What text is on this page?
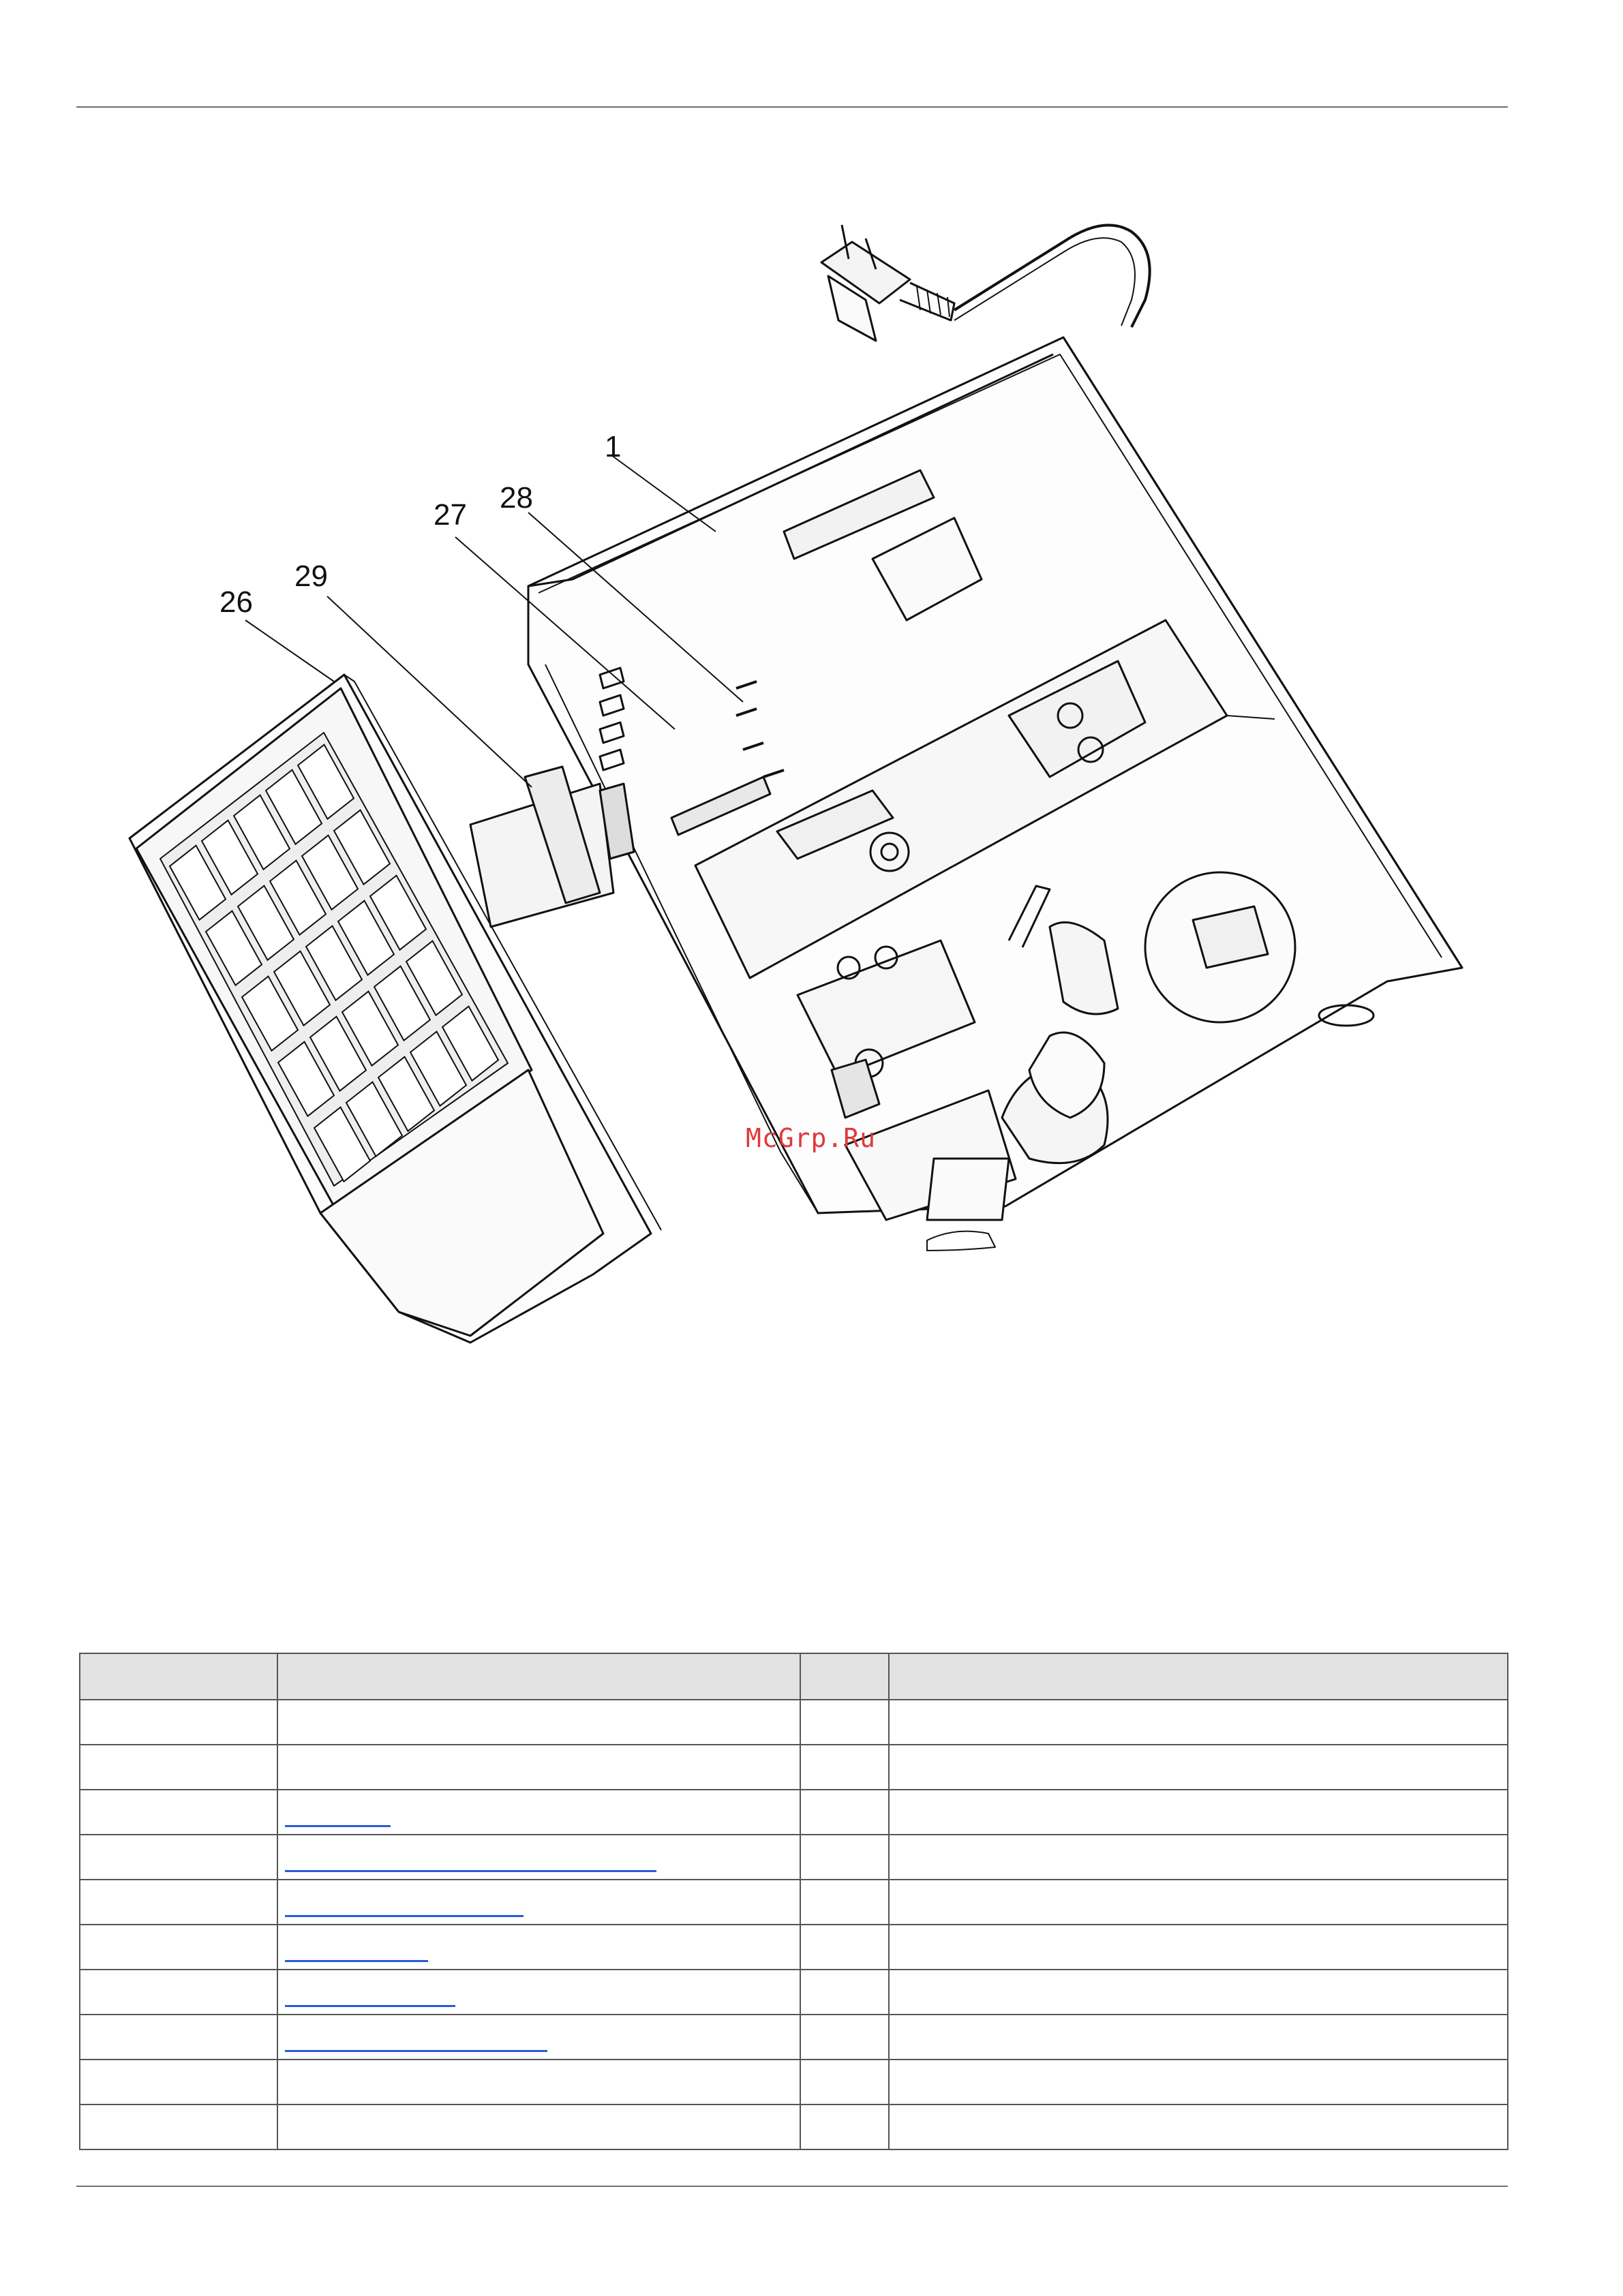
1
28
27
29
26
McGrp.Ru
